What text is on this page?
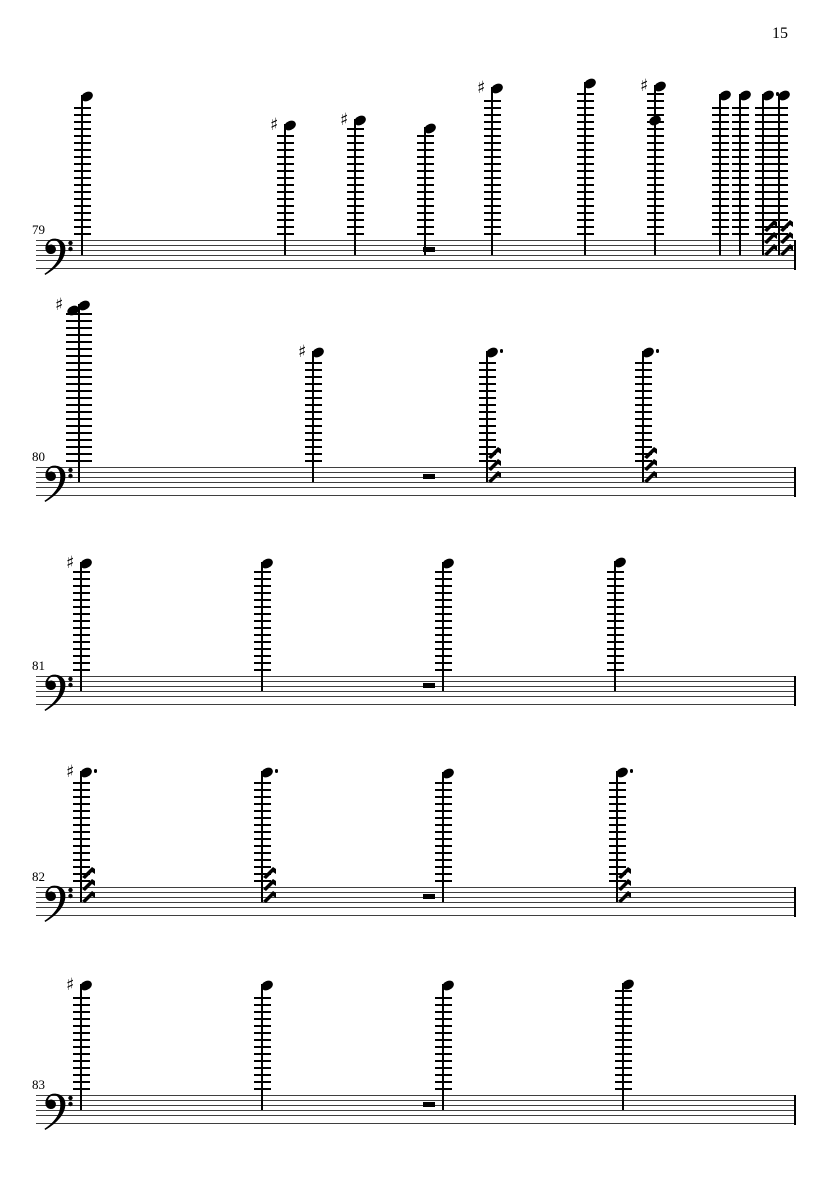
15
79
♯	♯
♯	♯
80
♯
♯
81
♯
82
♯
83
♯
